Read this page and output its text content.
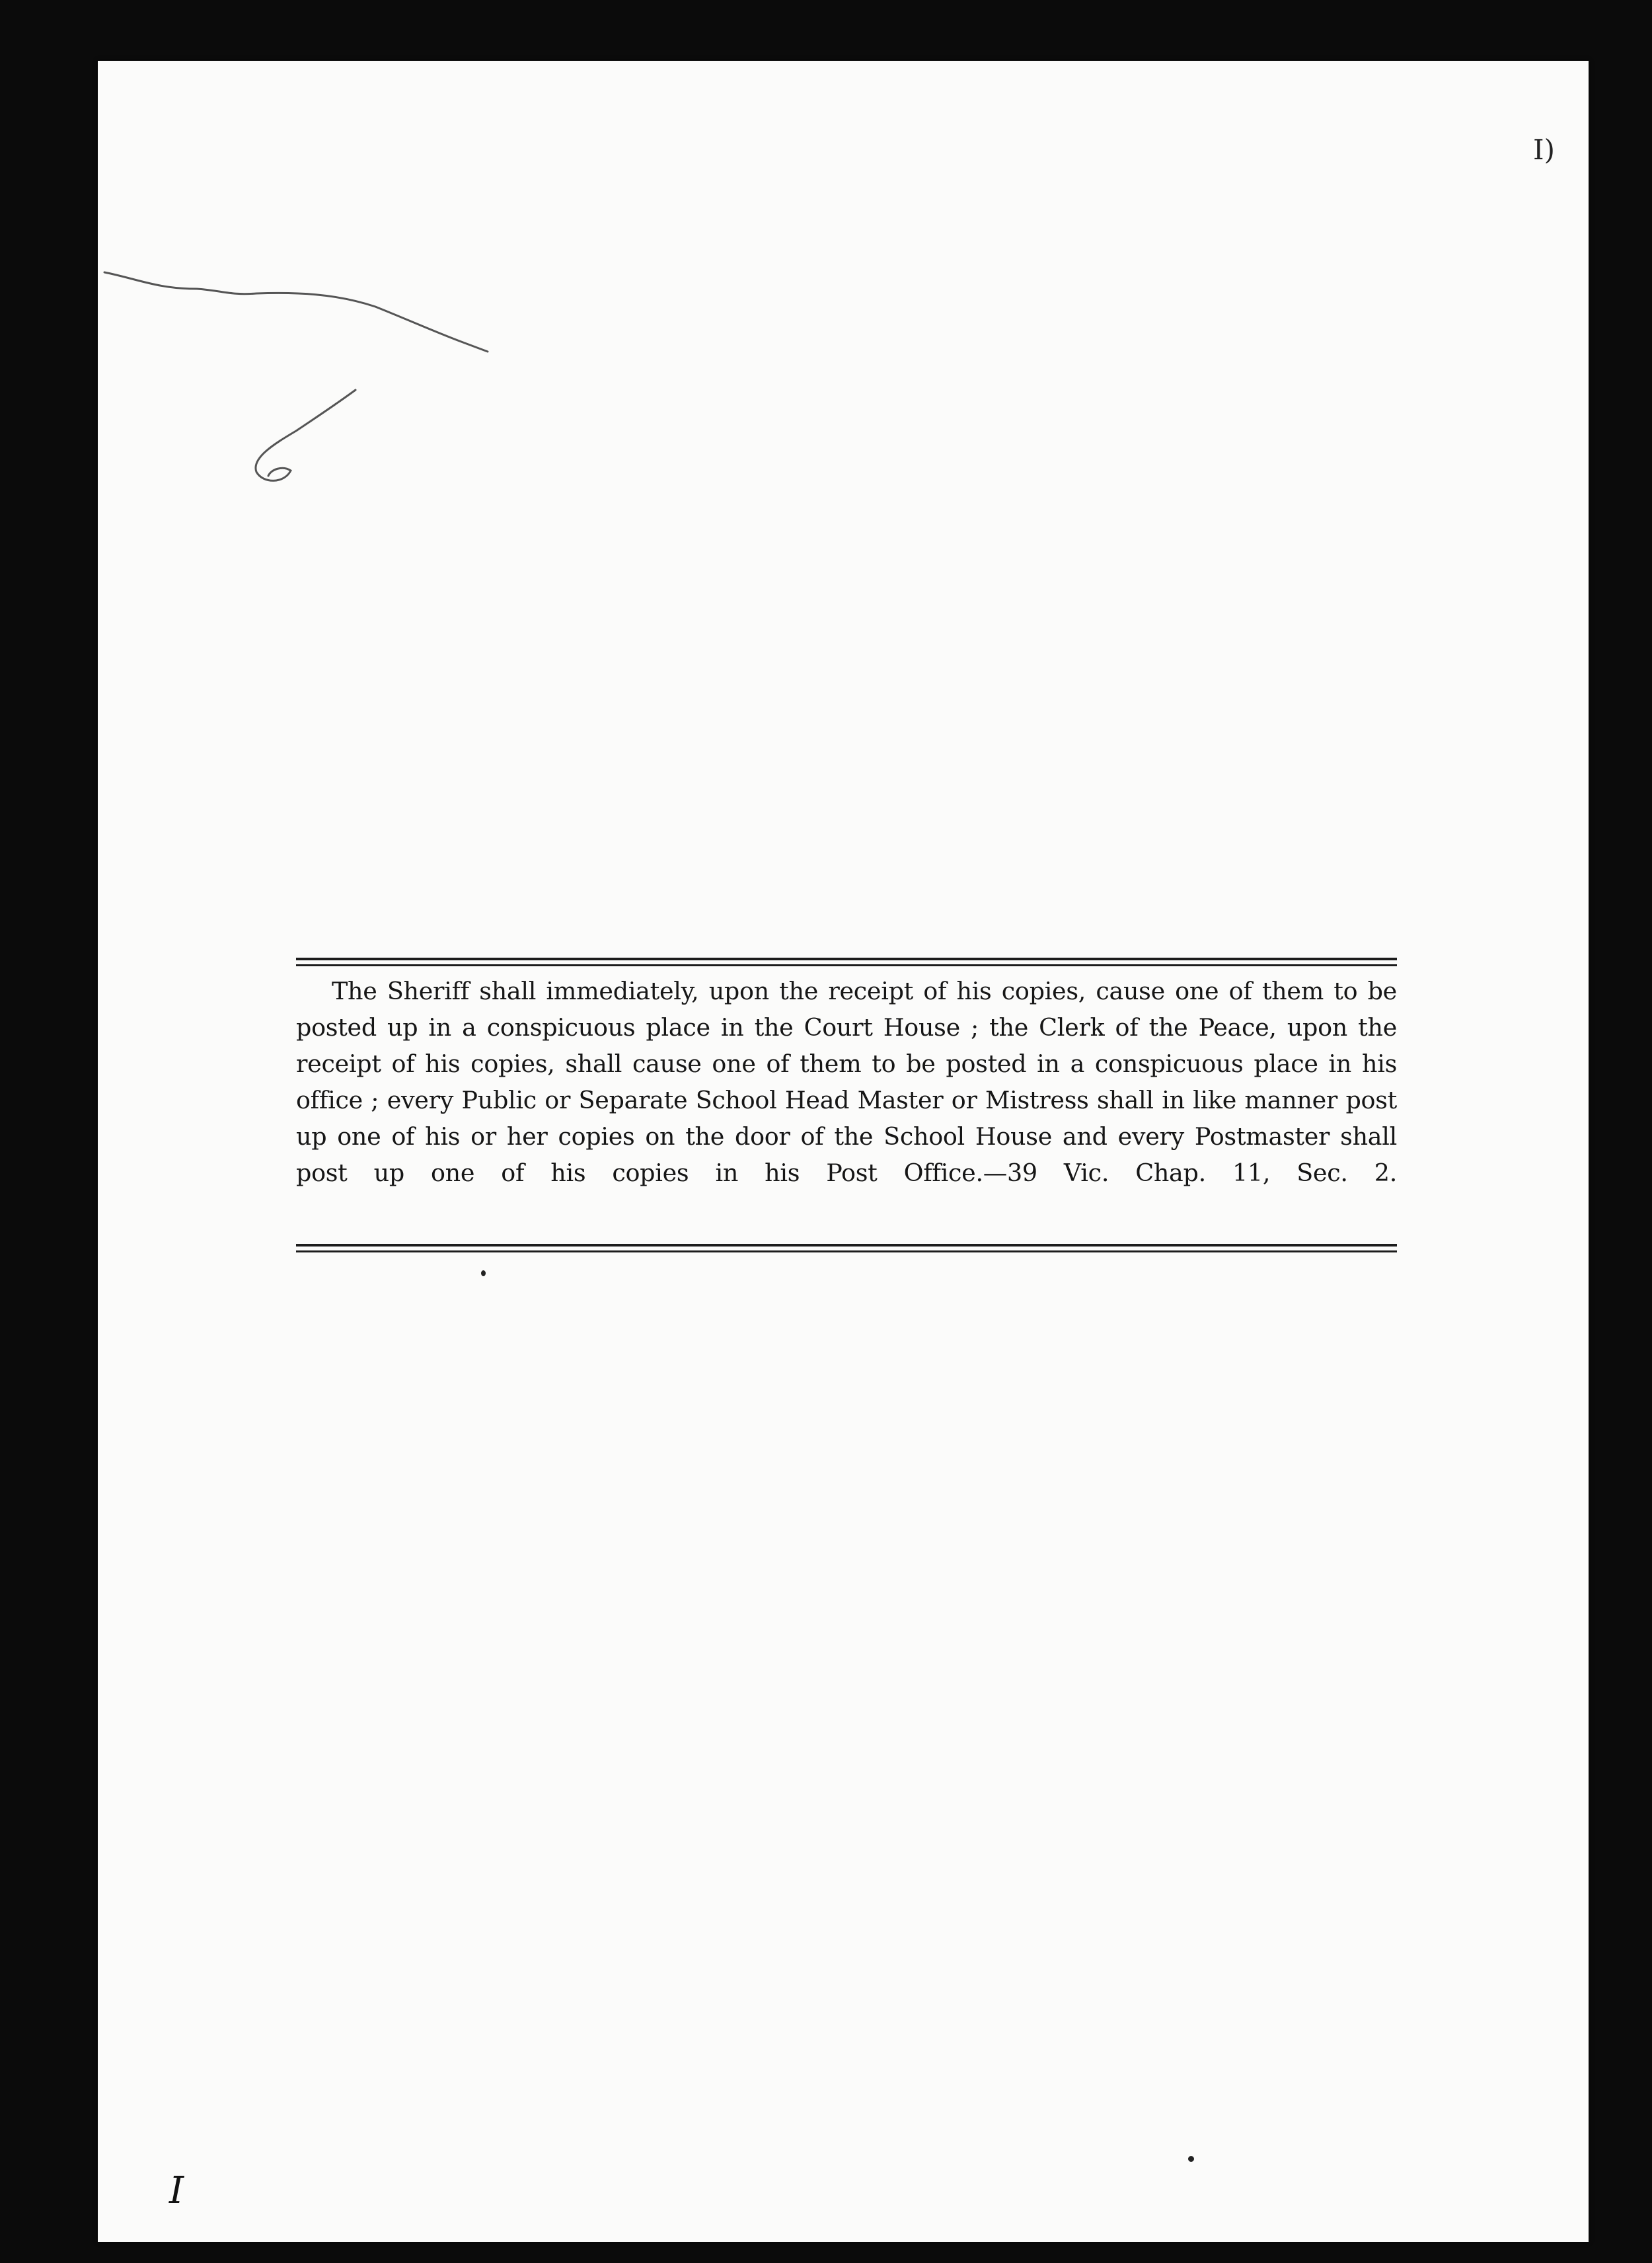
I)

The Sheriff shall immediately, upon the receipt of his copies, cause one of them to be posted up in a conspicuous place in the Court House ; the Clerk of the Peace, upon the receipt of his copies, shall cause one of them to be posted in a conspicuous place in his office ; every Public or Separate School Head Master or Mistress shall in like manner post up one of his or her copies on the door of the School House and every Postmaster shall post up one of his copies in his Post Office.—39 Vic. Chap. 11, Sec. 2.

I
